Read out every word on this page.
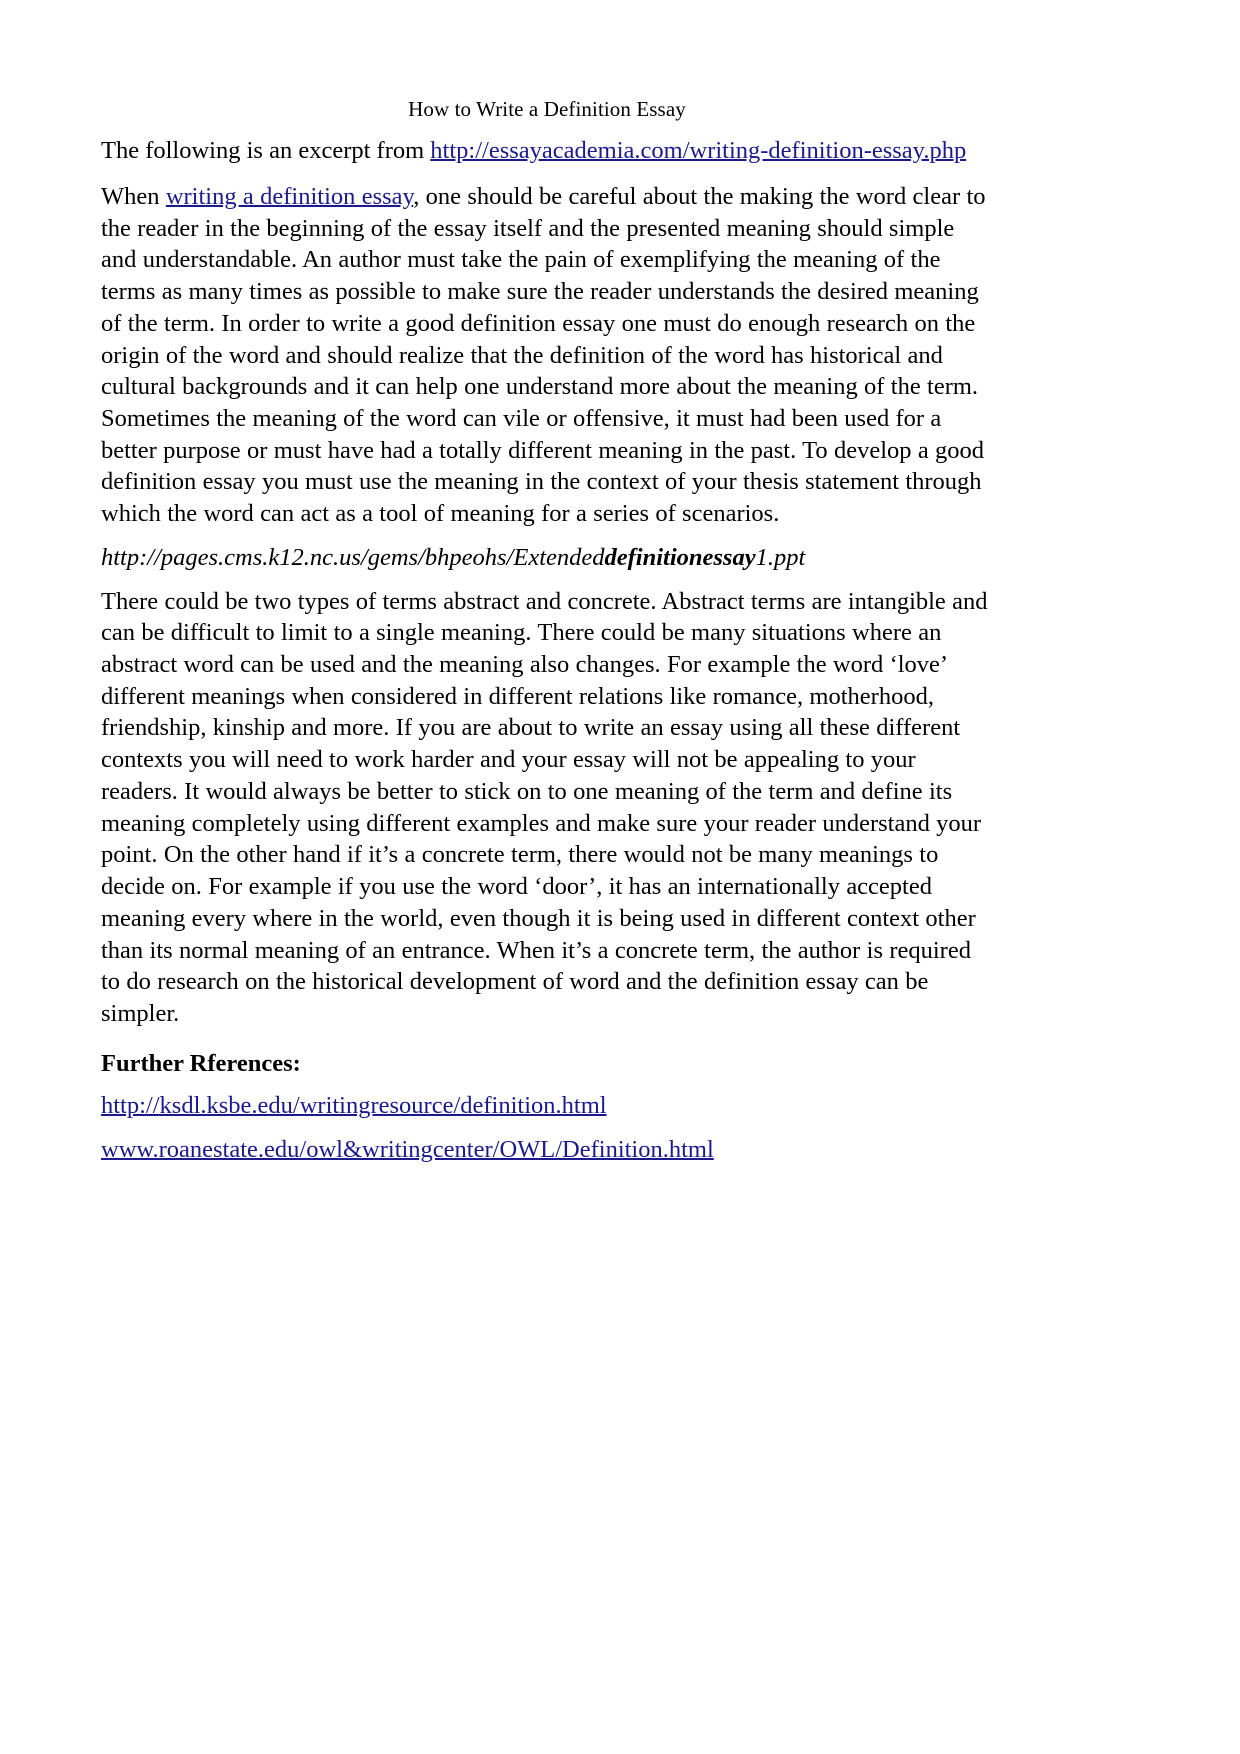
How to Write a Definition Essay

The following is an excerpt from http://essayacademia.com/writing-definition-essay.php

When writing a definition essay, one should be careful about the making the word clear to the reader in the beginning of the essay itself and the presented meaning should simple and understandable. An author must take the pain of exemplifying the meaning of the terms as many times as possible to make sure the reader understands the desired meaning of the term. In order to write a good definition essay one must do enough research on the origin of the word and should realize that the definition of the word has historical and cultural backgrounds and it can help one understand more about the meaning of the term. Sometimes the meaning of the word can vile or offensive, it must had been used for a better purpose or must have had a totally different meaning in the past. To develop a good definition essay you must use the meaning in the context of your thesis statement through which the word can act as a tool of meaning for a series of scenarios.

http://pages.cms.k12.nc.us/gems/bhpeohs/Extendeddefinitionessay1.ppt

There could be two types of terms abstract and concrete. Abstract terms are intangible and can be difficult to limit to a single meaning. There could be many situations where an abstract word can be used and the meaning also changes. For example the word ‘love’ different meanings when considered in different relations like romance, motherhood, friendship, kinship and more. If you are about to write an essay using all these different contexts you will need to work harder and your essay will not be appealing to your readers. It would always be better to stick on to one meaning of the term and define its meaning completely using different examples and make sure your reader understand your point. On the other hand if it’s a concrete term, there would not be many meanings to decide on. For example if you use the word ‘door’, it has an internationally accepted meaning every where in the world, even though it is being used in different context other than its normal meaning of an entrance. When it’s a concrete term, the author is required to do research on the historical development of word and the definition essay can be simpler.

Further Rferences:

http://ksdl.ksbe.edu/writingresource/definition.html

www.roanestate.edu/owl&writingcenter/OWL/Definition.html
